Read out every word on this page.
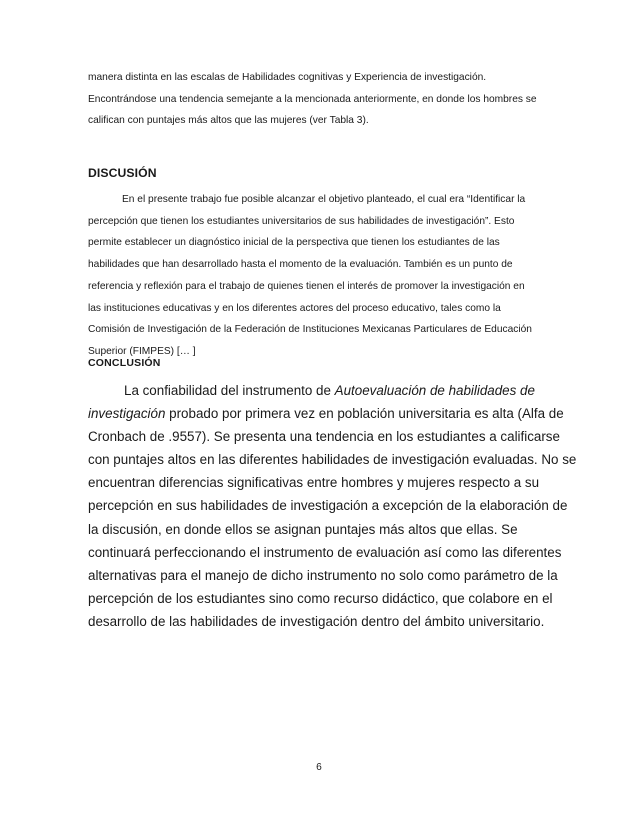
manera distinta en las escalas de Habilidades cognitivas y Experiencia de investigación.
Encontrándose una tendencia semejante a la mencionada anteriormente, en donde los hombres se
califican con puntajes más altos que las mujeres (ver Tabla 3).

DISCUSIÓN

En el presente trabajo fue posible alcanzar el objetivo planteado, el cual era “Identificar la
percepción que tienen los estudiantes universitarios de sus habilidades de investigación”. Esto
permite establecer un diagnóstico inicial de la perspectiva que tienen los estudiantes de las
habilidades que han desarrollado hasta el momento de la evaluación. También es un punto de
referencia y reflexión para el trabajo de quienes tienen el interés de promover la investigación en
las instituciones educativas y en los diferentes actores del proceso educativo, tales como la
Comisión de Investigación de la Federación de Instituciones Mexicanas Particulares de Educación
Superior (FIMPES) [… ]

CONCLUSIÓN

La confiabilidad del instrumento de Autoevaluación de habilidades de
investigación probado por primera vez en población universitaria es alta (Alfa de
Cronbach de .9557). Se presenta una tendencia en los estudiantes a calificarse
con puntajes altos en las diferentes habilidades de investigación evaluadas. No se
encuentran diferencias significativas entre hombres y mujeres respecto a su
percepción en sus habilidades de investigación a excepción de la elaboración de
la discusión, en donde ellos se asignan puntajes más altos que ellas. Se
continuará perfeccionando el instrumento de evaluación así como las diferentes
alternativas para el manejo de dicho instrumento no solo como parámetro de la
percepción de los estudiantes sino como recurso didáctico, que colabore en el
desarrollo de las habilidades de investigación dentro del ámbito universitario.

6
